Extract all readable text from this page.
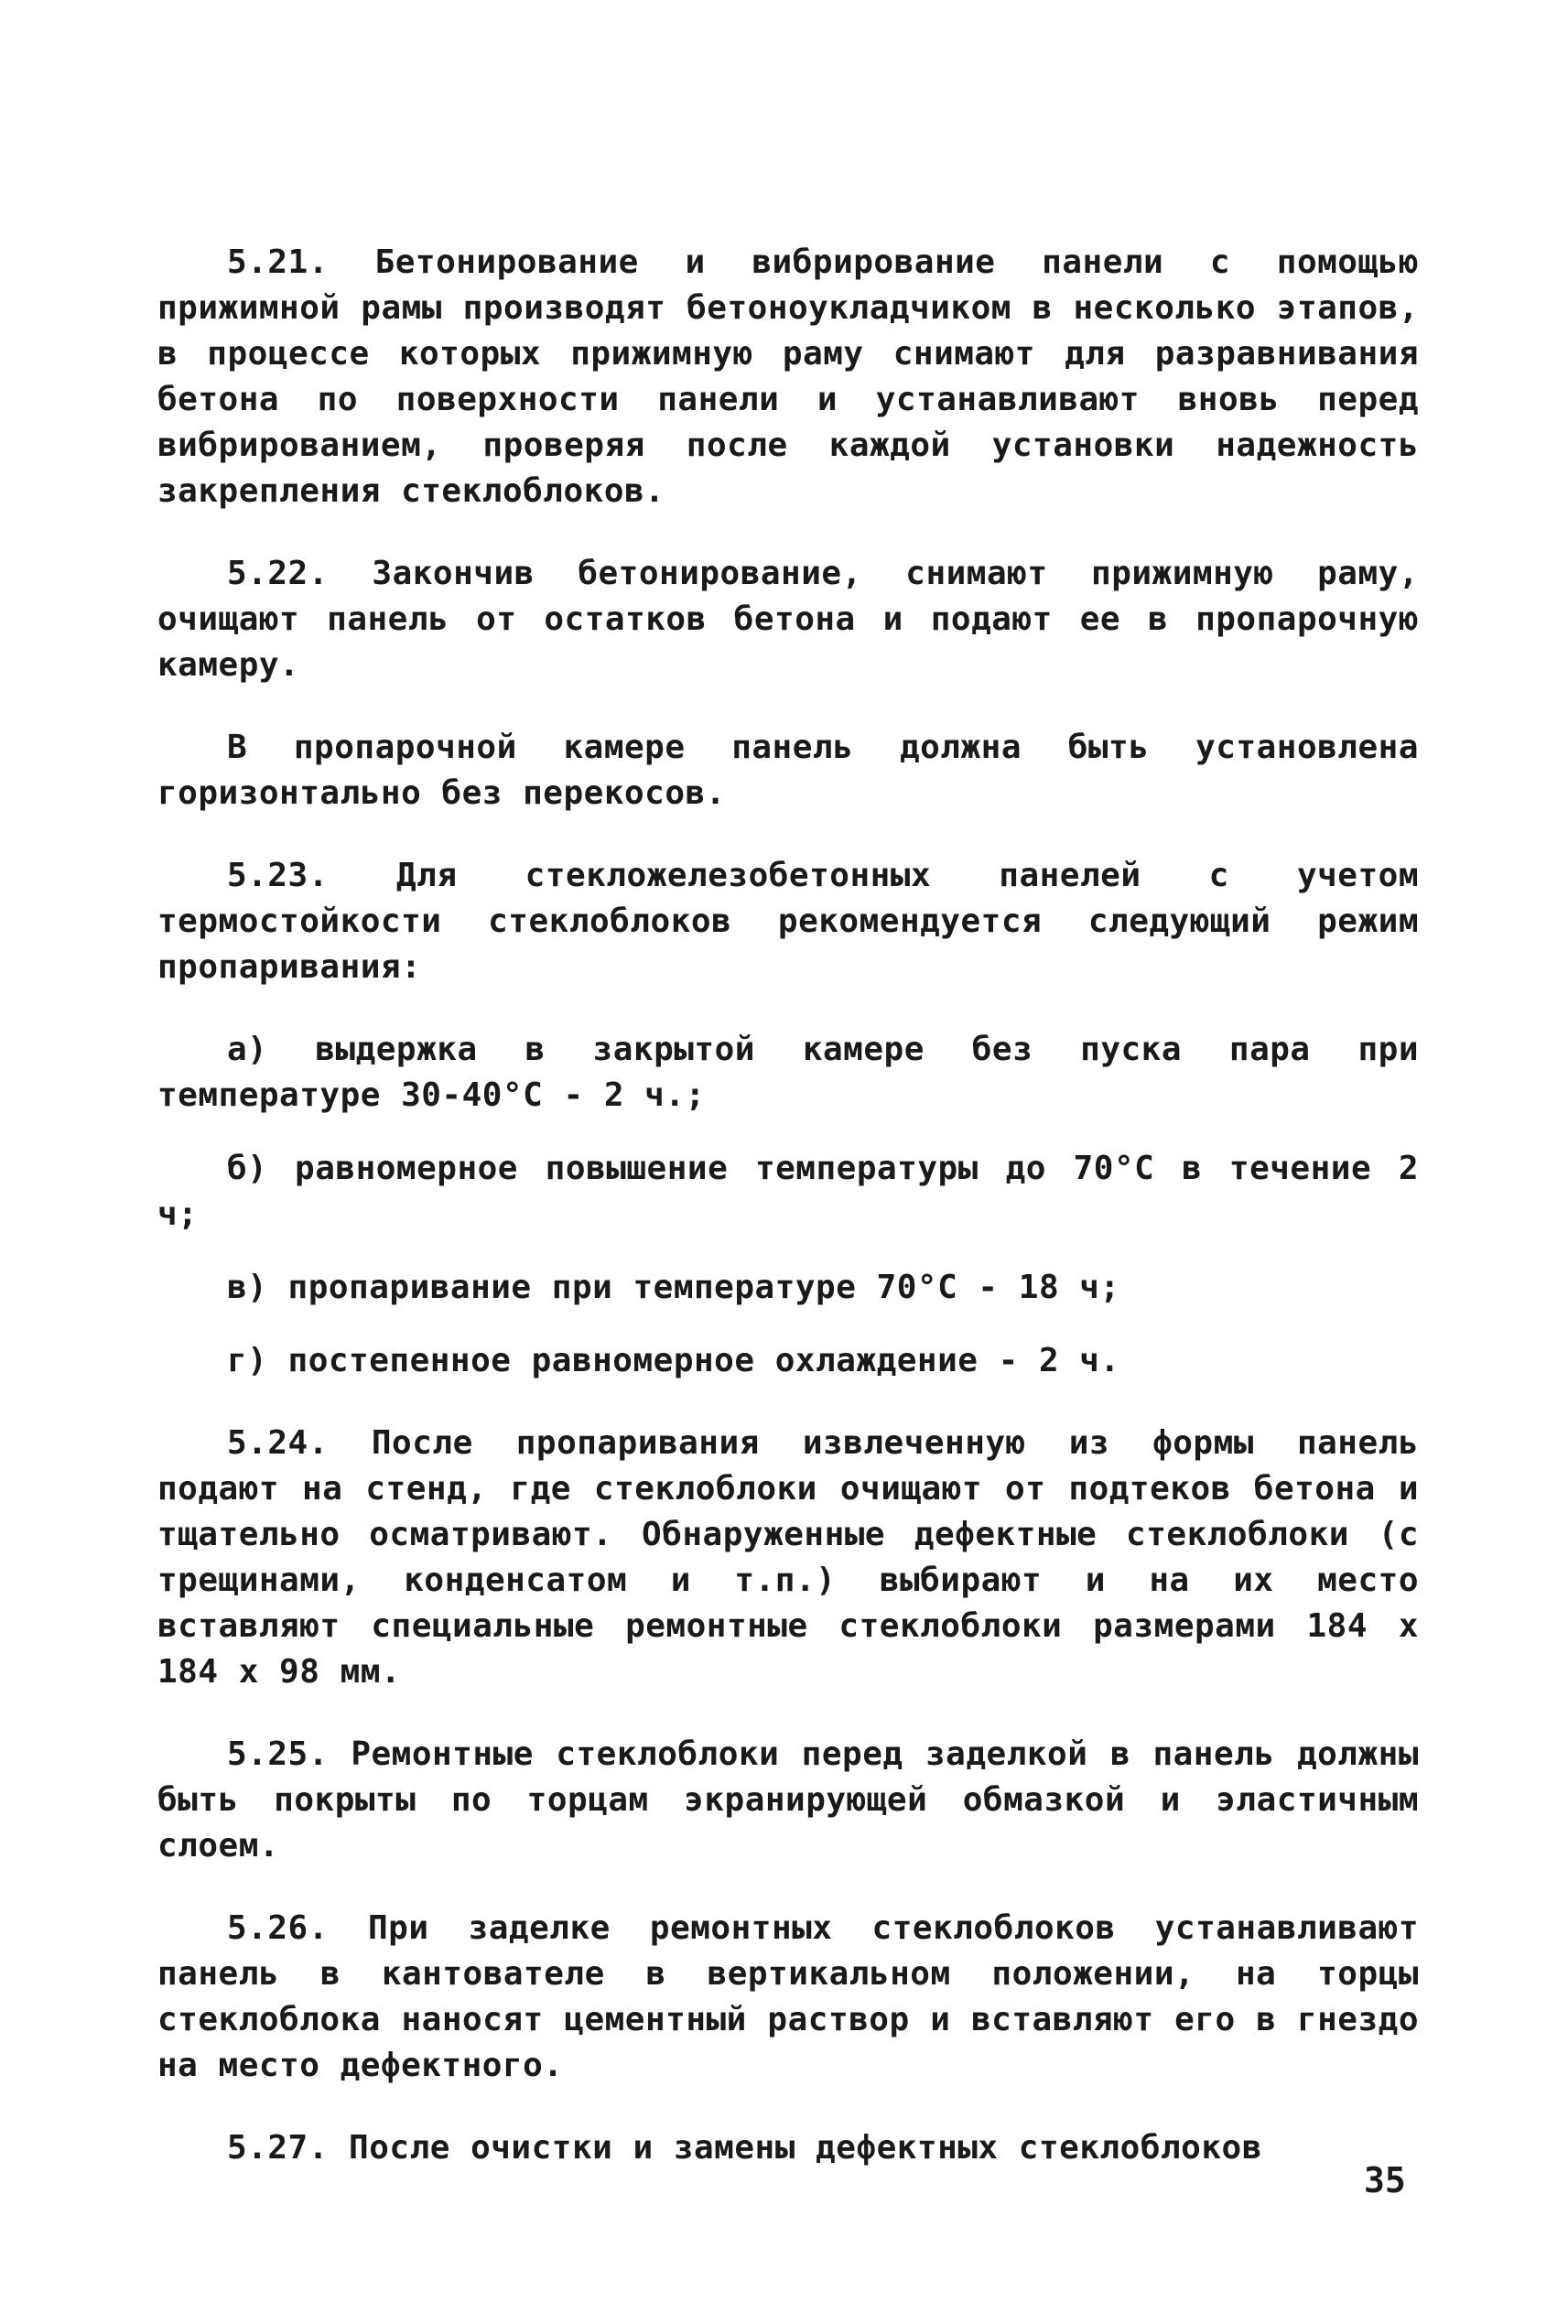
5.21. Бетонирование и вибрирование панели с помощью прижимной рамы производят бетоноукладчиком в несколько этапов, в процессе которых прижимную раму снимают для разравнивания бетона по поверхности панели и устанавливают вновь перед вибрированием, проверяя после каждой установки надежность закрепления стеклоблоков.

5.22. Закончив бетонирование, снимают прижимную раму, очищают панель от остатков бетона и подают ее в пропарочную камеру.

В пропарочной камере панель должна быть установлена горизонтально без перекосов.

5.23. Для стекложелезобетонных панелей с учетом термостойкости стеклоблоков рекомендуется следующий режим пропаривания:

а) выдержка в закрытой камере без пуска пара при температуре 30-40°C - 2 ч.;

б) равномерное повышение температуры до 70°C в течение 2 ч;

в) пропаривание при температуре 70°C - 18 ч;

г) постепенное равномерное охлаждение - 2 ч.

5.24. После пропаривания извлеченную из формы панель подают на стенд, где стеклоблоки очищают от подтеков бетона и тщательно осматривают. Обнаруженные дефектные стеклоблоки (с трещинами, конденсатом и т.п.) выбирают и на их место вставляют специальные ремонтные стеклоблоки размерами 184 x 184 x 98 мм.

5.25. Ремонтные стеклоблоки перед заделкой в панель должны быть покрыты по торцам экранирующей обмазкой и эластичным слоем.

5.26. При заделке ремонтных стеклоблоков устанавливают панель в кантователе в вертикальном положении, на торцы стеклоблока наносят цементный раствор и вставляют его в гнездо на место дефектного.

5.27. После очистки и замены дефектных стеклоблоков

35
